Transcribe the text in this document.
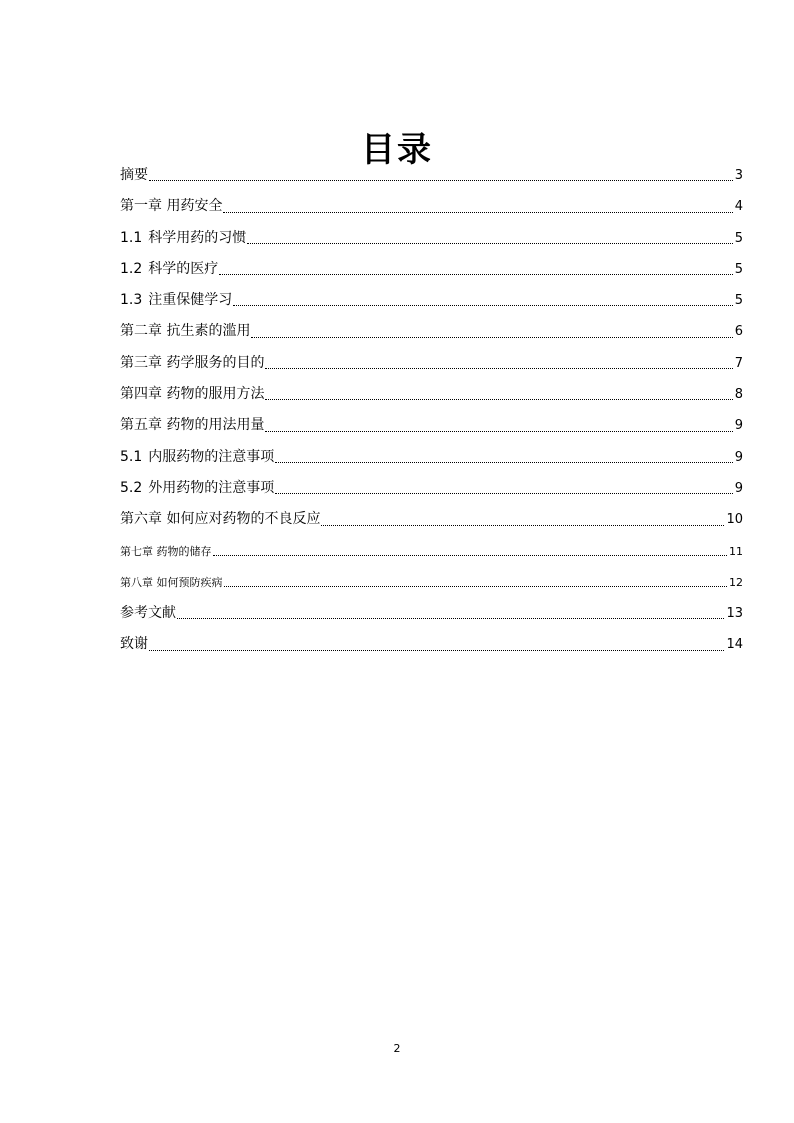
目录
摘要	3
第一章 用药安全	4
1.1 科学用药的习惯	5
1.2 科学的医疗	5
1.3 注重保健学习	5
第二章 抗生素的滥用	6
第三章 药学服务的目的	7
第四章 药物的服用方法	8
第五章 药物的用法用量	9
5.1 内服药物的注意事项	9
5.2 外用药物的注意事项	9
第六章 如何应对药物的不良反应	10
第七章 药物的储存	11
第八章 如何预防疾病	12
参考文献	13
致谢	14
2
